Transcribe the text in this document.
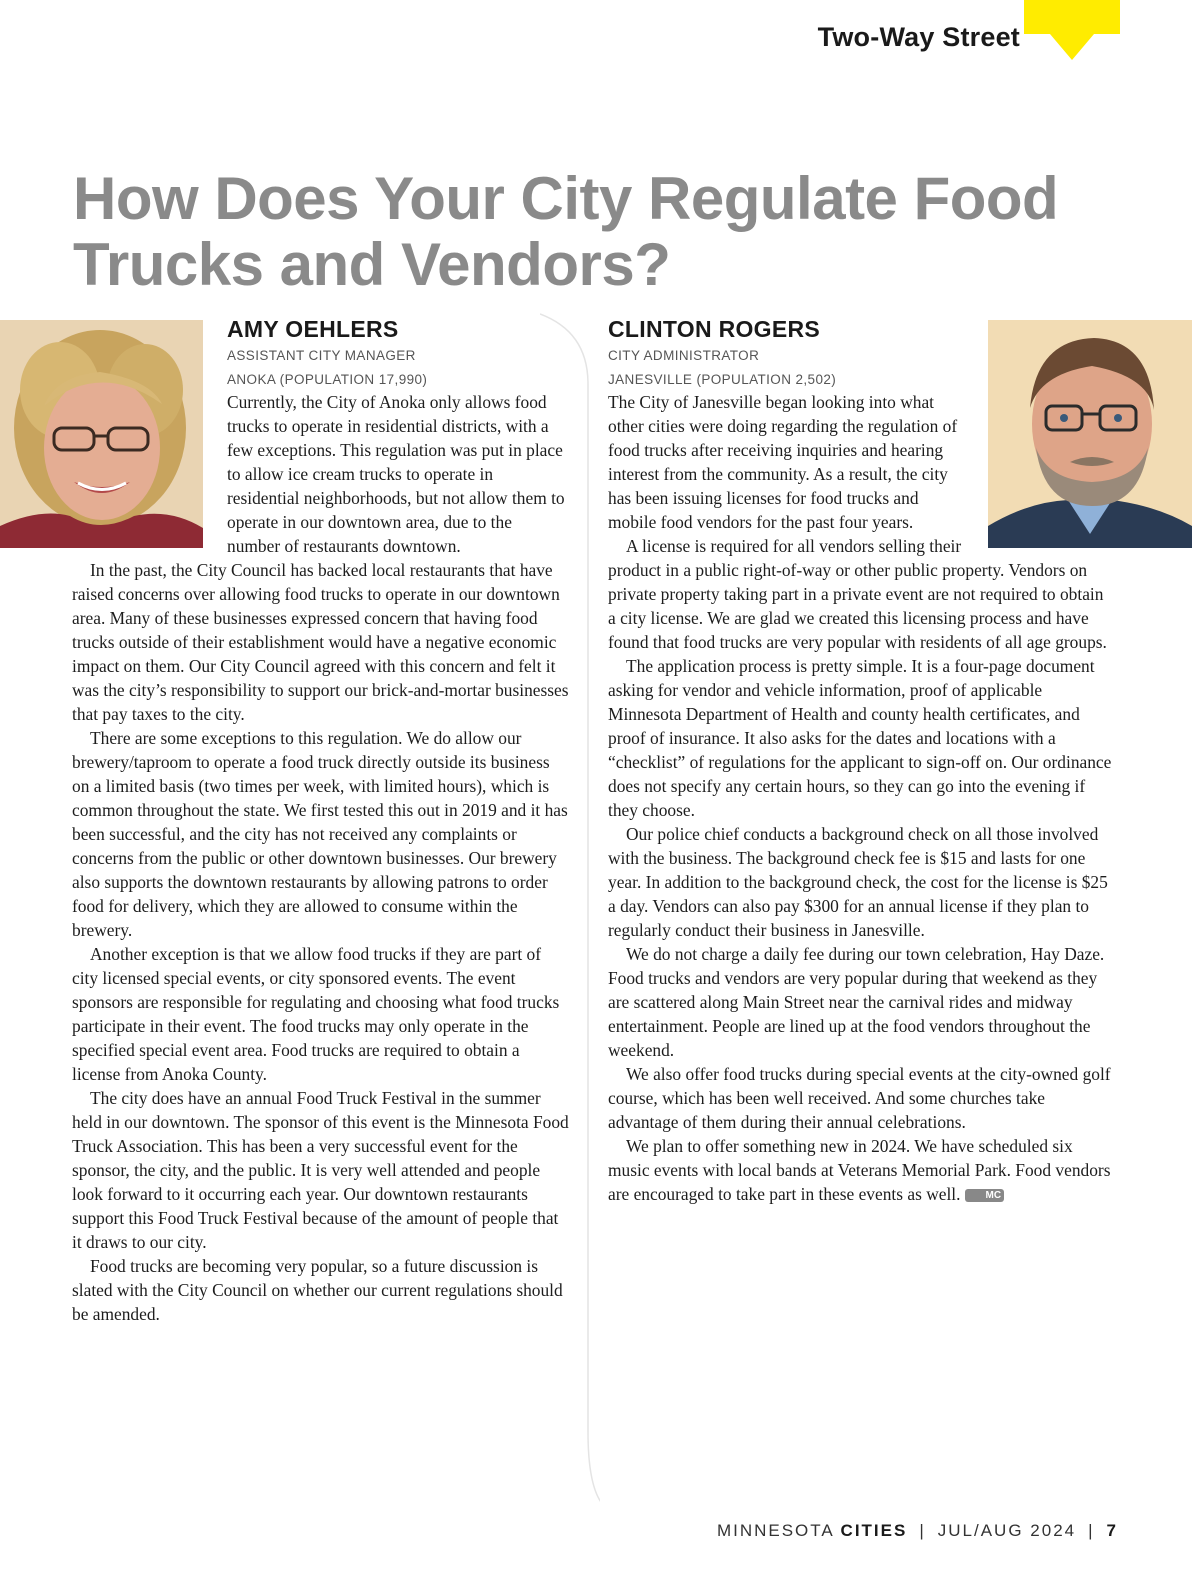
Two-Way Street
How Does Your City Regulate Food Trucks and Vendors?
AMY OEHLERS
ASSISTANT CITY MANAGER
ANOKA (POPULATION 17,990)
CLINTON ROGERS
CITY ADMINISTRATOR
JANESVILLE (POPULATION 2,502)

Currently, the City of Anoka only allows food trucks to operate in residential districts, with a few exceptions. This regulation was put in place to allow ice cream trucks to operate in residential neighborhoods, but not allow them to operate in our downtown area, due to the number of restaurants downtown.

In the past, the City Council has backed local restaurants that have raised concerns over allowing food trucks to operate in our downtown area. Many of these businesses expressed concern that having food trucks outside of their establishment would have a negative economic impact on them. Our City Council agreed with this concern and felt it was the city’s responsibility to support our brick-and-mortar businesses that pay taxes to the city.

There are some exceptions to this regulation. We do allow our brewery/taproom to operate a food truck directly outside its business on a limited basis (two times per week, with limited hours), which is common throughout the state. We first tested this out in 2019 and it has been successful, and the city has not received any complaints or concerns from the public or other downtown businesses. Our brewery also supports the downtown restaurants by allowing patrons to order food for delivery, which they are allowed to consume within the brewery.

Another exception is that we allow food trucks if they are part of city licensed special events, or city sponsored events. The event sponsors are responsible for regulating and choosing what food trucks participate in their event. The food trucks may only operate in the specified special event area. Food trucks are required to obtain a license from Anoka County.

The city does have an annual Food Truck Festival in the summer held in our downtown. The sponsor of this event is the Minnesota Food Truck Association. This has been a very successful event for the sponsor, the city, and the public. It is very well attended and people look forward to it occurring each year. Our downtown restaurants support this Food Truck Festival because of the amount of people that it draws to our city.

Food trucks are becoming very popular, so a future discussion is slated with the City Council on whether our current regulations should be amended.

The City of Janesville began looking into what other cities were doing regarding the regulation of food trucks after receiving inquiries and hearing interest from the community. As a result, the city has been issuing licenses for food trucks and mobile food vendors for the past four years.

A license is required for all vendors selling their product in a public right-of-way or other public property. Vendors on private property taking part in a private event are not required to obtain a city license. We are glad we created this licensing process and have found that food trucks are very popular with residents of all age groups.

The application process is pretty simple. It is a four-page document asking for vendor and vehicle information, proof of applicable Minnesota Department of Health and county health certificates, and proof of insurance. It also asks for the dates and locations with a “checklist” of regulations for the applicant to sign-off on. Our ordinance does not specify any certain hours, so they can go into the evening if they choose.

Our police chief conducts a background check on all those involved with the business. The background check fee is $15 and lasts for one year. In addition to the background check, the cost for the license is $25 a day. Vendors can also pay $300 for an annual license if they plan to regularly conduct their business in Janesville.

We do not charge a daily fee during our town celebration, Hay Daze. Food trucks and vendors are very popular during that weekend as they are scattered along Main Street near the carnival rides and midway entertainment. People are lined up at the food vendors throughout the weekend.

We also offer food trucks during special events at the city-owned golf course, which has been well received. And some churches take advantage of them during their annual celebrations.

We plan to offer something new in 2024. We have scheduled six music events with local bands at Veterans Memorial Park. Food vendors are encouraged to take part in these events as well.	MC

MINNESOTA CITIES | JUL/AUG 2024 | 7
